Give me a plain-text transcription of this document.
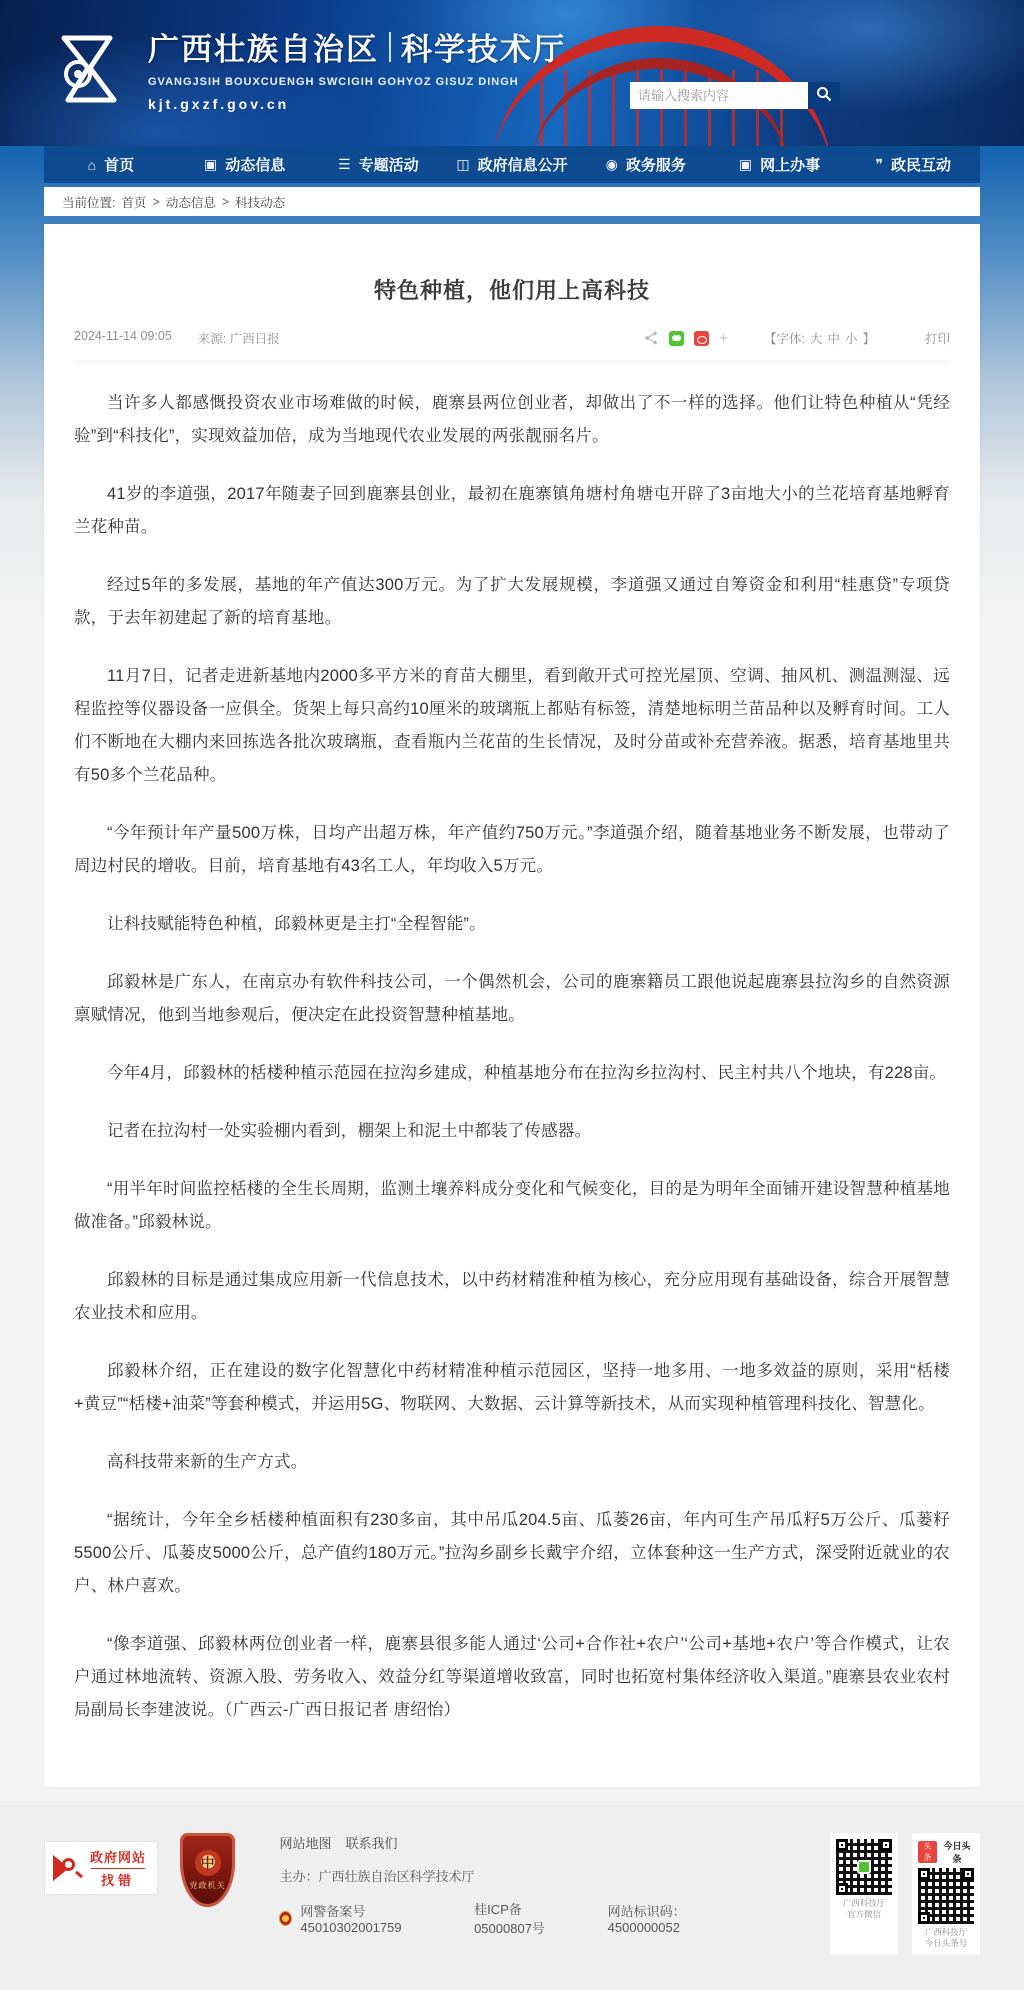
广西壮族自治区 科学技术厅
GVANGJSIH BOUXCUENGH SWCIGIH GOHYOZ GISUZ DINGH
kjt.gxzf.gov.cn
请输入搜索内容
⌂ 首页	▣ 动态信息	☰ 专题活动	◫ 政府信息公开	◉ 政务服务	▣ 网上办事	❞ 政民互动
当前位置: 首页 > 动态信息 > 科技动态
特色种植，他们用上高科技
2024-11-14 09:05 来源: 广西日报	+	【字体: 大 中 小 】	打印

当许多人都感慨投资农业市场难做的时候，鹿寨县两位创业者，却做出了不一样的选择。他们让特色种植从“凭经验”到“科技化”，实现效益加倍，成为当地现代农业发展的两张靓丽名片。

41岁的李道强，2017年随妻子回到鹿寨县创业，最初在鹿寨镇角塘村角塘屯开辟了3亩地大小的兰花培育基地孵育兰花种苗。

经过5年的多发展，基地的年产值达300万元。为了扩大发展规模，李道强又通过自筹资金和利用“桂惠贷”专项贷款，于去年初建起了新的培育基地。

11月7日，记者走进新基地内2000多平方米的育苗大棚里，看到敞开式可控光屋顶、空调、抽风机、测温测湿、远程监控等仪器设备一应俱全。货架上每只高约10厘米的玻璃瓶上都贴有标签，清楚地标明兰苗品种以及孵育时间。工人们不断地在大棚内来回拣选各批次玻璃瓶，查看瓶内兰花苗的生长情况，及时分苗或补充营养液。据悉，培育基地里共有50多个兰花品种。

“今年预计年产量500万株，日均产出超万株，年产值约750万元。”李道强介绍，随着基地业务不断发展，也带动了周边村民的增收。目前，培育基地有43名工人，年均收入5万元。

让科技赋能特色种植，邱毅林更是主打“全程智能”。

邱毅林是广东人，在南京办有软件科技公司，一个偶然机会，公司的鹿寨籍员工跟他说起鹿寨县拉沟乡的自然资源禀赋情况，他到当地参观后，便决定在此投资智慧种植基地。

今年4月，邱毅林的栝楼种植示范园在拉沟乡建成，种植基地分布在拉沟乡拉沟村、民主村共八个地块，有228亩。

记者在拉沟村一处实验棚内看到，棚架上和泥土中都装了传感器。

“用半年时间监控栝楼的全生长周期，监测土壤养料成分变化和气候变化，目的是为明年全面铺开建设智慧种植基地做准备。”邱毅林说。

邱毅林的目标是通过集成应用新一代信息技术，以中药材精准种植为核心，充分应用现有基础设备，综合开展智慧农业技术和应用。

邱毅林介绍，正在建设的数字化智慧化中药材精准种植示范园区，坚持一地多用、一地多效益的原则，采用“栝楼+黄豆”“栝楼+油菜”等套种模式，并运用5G、物联网、大数据、云计算等新技术，从而实现种植管理科技化、智慧化。

高科技带来新的生产方式。

“据统计，今年全乡栝楼种植面积有230多亩，其中吊瓜204.5亩、瓜蒌26亩，年内可生产吊瓜籽5万公斤、瓜蒌籽5500公斤、瓜蒌皮5000公斤，总产值约180万元。”拉沟乡副乡长戴宇介绍，立体套种这一生产方式，深受附近就业的农户、林户喜欢。

“像李道强、邱毅林两位创业者一样，鹿寨县很多能人通过‘公司+合作社+农户’‘公司+基地+农户’等合作模式，让农户通过林地流转、资源入股、劳务收入、效益分红等渠道增收致富，同时也拓宽村集体经济收入渠道。”鹿寨县农业农村局副局长李建波说。（广西云-广西日报记者 唐绍怡）

政府网站
找错
中
党政机关
网站地图 联系我们
主办：广西壮族自治区科学技术厅
网警备案号45010302001759
桂ICP备05000807号
网站标识码：4500000052
广西科技厅
官方微信
头条
今日头条
广西科技厅
今日头条号
